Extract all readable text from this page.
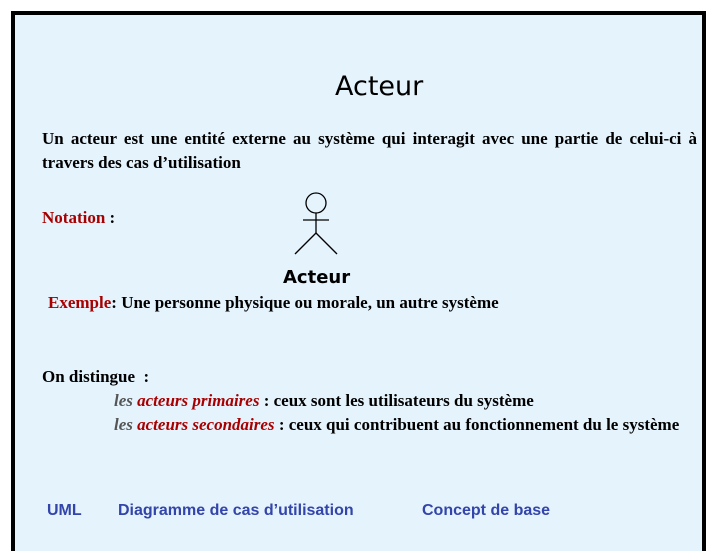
Acteur
Un acteur est une entité externe au système qui interagit avec une partie de celui-ci à travers des cas d’utilisation
Notation :
Acteur
Exemple: Une personne physique ou morale, un autre système
On distingue  :
les acteurs primaires : ceux sont les utilisateurs du système
les acteurs secondaires : ceux qui contribuent au fonctionnement du le système
UML Diagramme de cas d’utilisation	Concept de base
